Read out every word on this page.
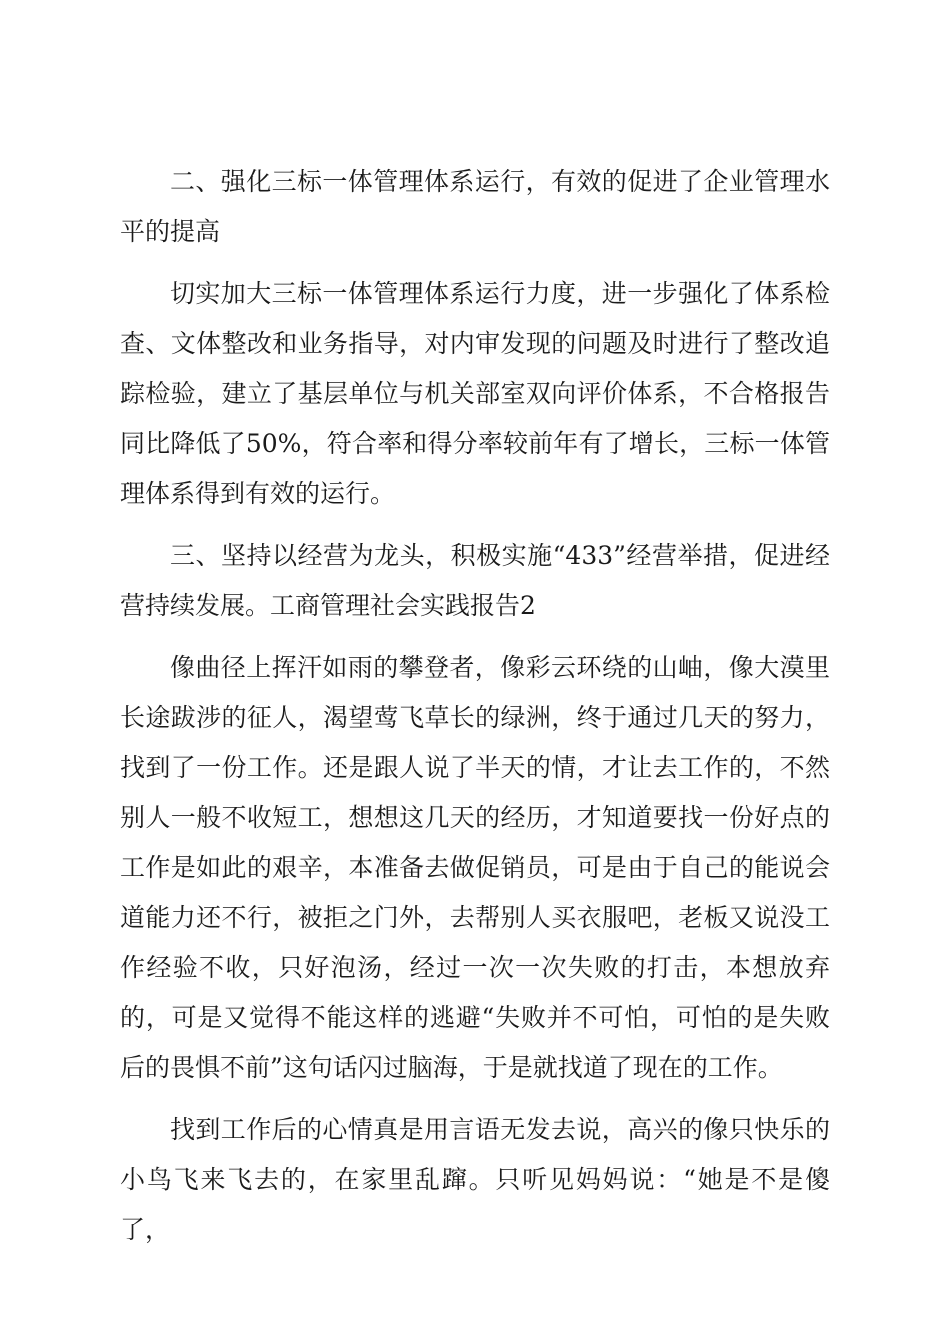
二、强化三标一体管理体系运行，有效的促进了企业管理水平的提高

切实加大三标一体管理体系运行力度，进一步强化了体系检查、文体整改和业务指导，对内审发现的问题及时进行了整改追踪检验，建立了基层单位与机关部室双向评价体系，不合格报告同比降低了50%，符合率和得分率较前年有了增长，三标一体管理体系得到有效的运行。

三、坚持以经营为龙头，积极实施“433”经营举措，促进经营持续发展。工商管理社会实践报告2

像曲径上挥汗如雨的攀登者，像彩云环绕的山岫，像大漠里长途跋涉的征人，渴望莺飞草长的绿洲，终于通过几天的努力，找到了一份工作。还是跟人说了半天的情，才让去工作的，不然别人一般不收短工，想想这几天的经历，才知道要找一份好点的工作是如此的艰辛，本准备去做促销员，可是由于自己的能说会道能力还不行，被拒之门外，去帮别人买衣服吧，老板又说没工作经验不收，只好泡汤，经过一次一次失败的打击，本想放弃的，可是又觉得不能这样的逃避“失败并不可怕，可怕的是失败后的畏惧不前”这句话闪过脑海，于是就找道了现在的工作。

找到工作后的心情真是用言语无发去说，高兴的像只快乐的小鸟飞来飞去的，在家里乱蹿。只听见妈妈说：“她是不是傻了，
